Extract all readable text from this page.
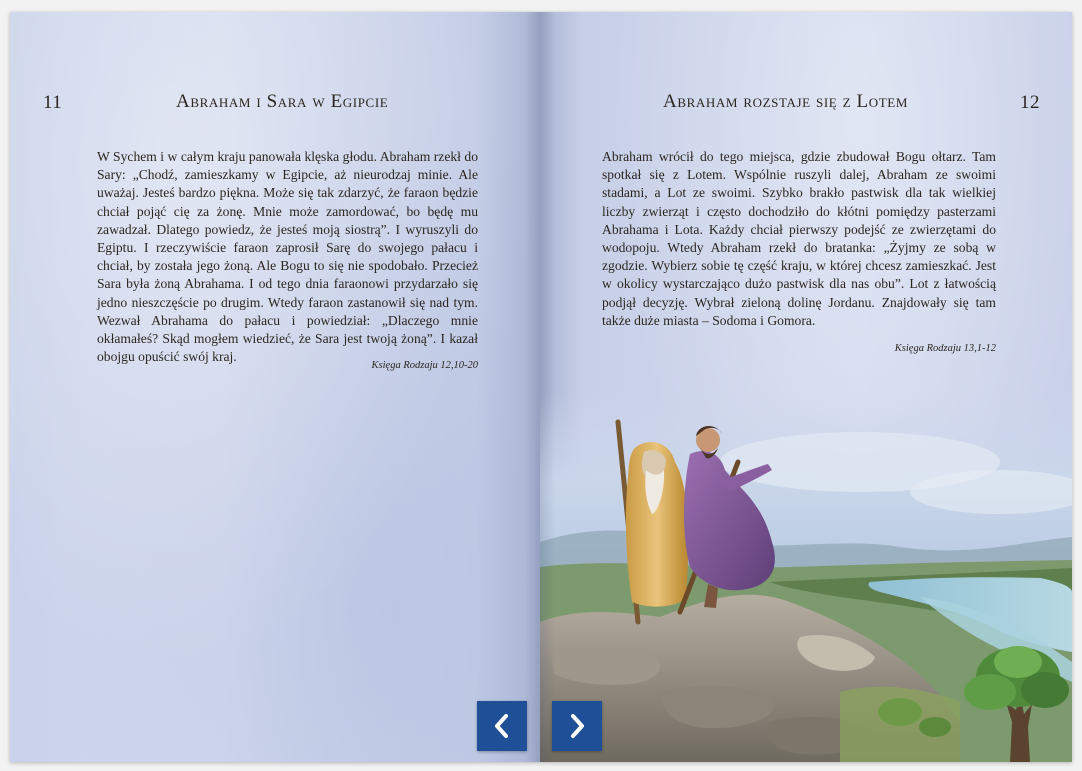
11	Abraham i Sara w Egipcie
W Sychem i w całym kraju panowała klęska głodu. Abraham rzekł do Sary: „Chodź, zamieszkamy w Egipcie, aż nieurodzaj minie. Ale uważaj. Jesteś bardzo piękna. Może się tak zdarzyć, że faraon będzie chciał pojąć cię za żonę. Mnie może zamordować, bo będę mu zawadzał. Dlatego powiedz, że jesteś moją siostrą”. I wyruszyli do Egiptu. I rzeczywiście faraon zaprosił Sarę do swojego pałacu i chciał, by została jego żoną. Ale Bogu to się nie spodobało. Przecież Sara była żoną Abrahama. I od tego dnia faraonowi przydarzało się jedno nieszczęście po drugim. Wtedy faraon zastanowił się nad tym. Wezwał Abrahama do pałacu i powiedział: „Dlaczego mnie okłamałeś? Skąd mogłem wiedzieć, że Sara jest twoją żoną”. I kazał obojgu opuścić swój kraj.
Księga Rodzaju 12,10-20
12
Abraham rozstaje się z Lotem
Abraham wrócił do tego miejsca, gdzie zbudował Bogu ołtarz. Tam spotkał się z Lotem. Wspólnie ruszyli dalej, Abraham ze swoimi stadami, a Lot ze swoimi. Szybko brakło pastwisk dla tak wielkiej liczby zwierząt i często dochodziło do kłótni pomiędzy pasterzami Abrahama i Lota. Każdy chciał pierwszy podejść ze zwierzętami do wodopoju. Wtedy Abraham rzekł do bratanka: „Żyjmy ze sobą w zgodzie. Wybierz sobie tę część kraju, w której chcesz zamieszkać. Jest w okolicy wystarczająco dużo pastwisk dla nas obu”. Lot z łatwością podjął decyzję. Wybrał zieloną dolinę Jordanu. Znajdowały się tam także duże miasta – Sodoma i Gomora.
Księga Rodzaju 13,1-12
